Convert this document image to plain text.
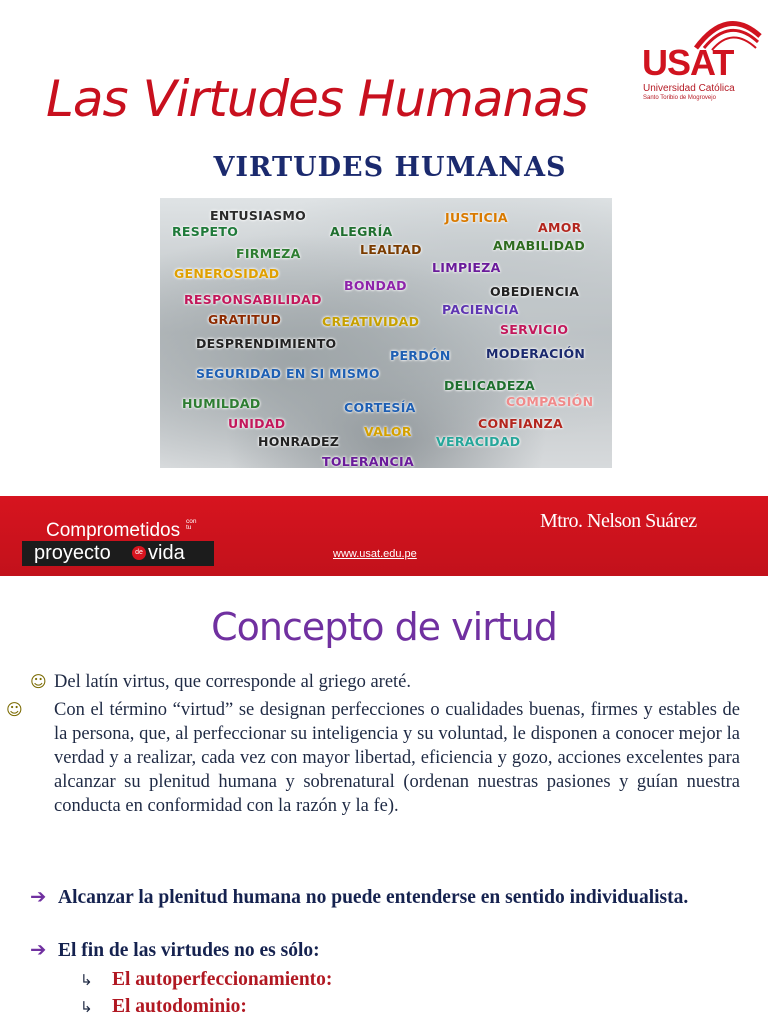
Las Virtudes Humanas
USAT
Universidad Católica
Santo Toribio de Mogrovejo
VIRTUDES HUMANAS
ENTUSIASMO
RESPETO	ALEGRÍA
JUSTICIA
AMOR
FIRMEZA	LEALTAD	AMABILIDAD
GENEROSIDAD	LIMPIEZA
BONDAD	OBEDIENCIA
RESPONSABILIDAD
PACIENCIA
GRATITUD	CREATIVIDAD
SERVICIO
DESPRENDIMIENTO
PERDÓN	MODERACIÓN
SEGURIDAD EN SI MISMO
DELICADEZA
HUMILDAD	CORTESÍA	COMPASIÓN
UNIDAD
VALOR
CONFIANZA
HONRADEZ	VERACIDAD
TOLERANCIA
Comprometidos con
tu
proyecto	de vida	www.usat.edu.pe
Mtro. Nelson Suárez
Concepto de virtud
☺ Del latín virtus, que corresponde al griego areté.
☺ Con el término “virtud” se designan perfecciones o cualidades buenas, firmes y estables de la persona, que, al perfeccionar su inteligencia y su voluntad, le disponen a conocer mejor la verdad y a realizar, cada vez con mayor libertad, eficiencia y gozo, acciones excelentes para alcanzar su plenitud humana y sobrenatural (ordenan nuestras pasiones y guían nuestra conducta en conformidad con la razón y la fe).
➔ Alcanzar la plenitud humana no puede entenderse en sentido individualista.
➔ El fin de las virtudes no es sólo:
↳ El autoperfeccionamiento:
↳ El autodominio:
